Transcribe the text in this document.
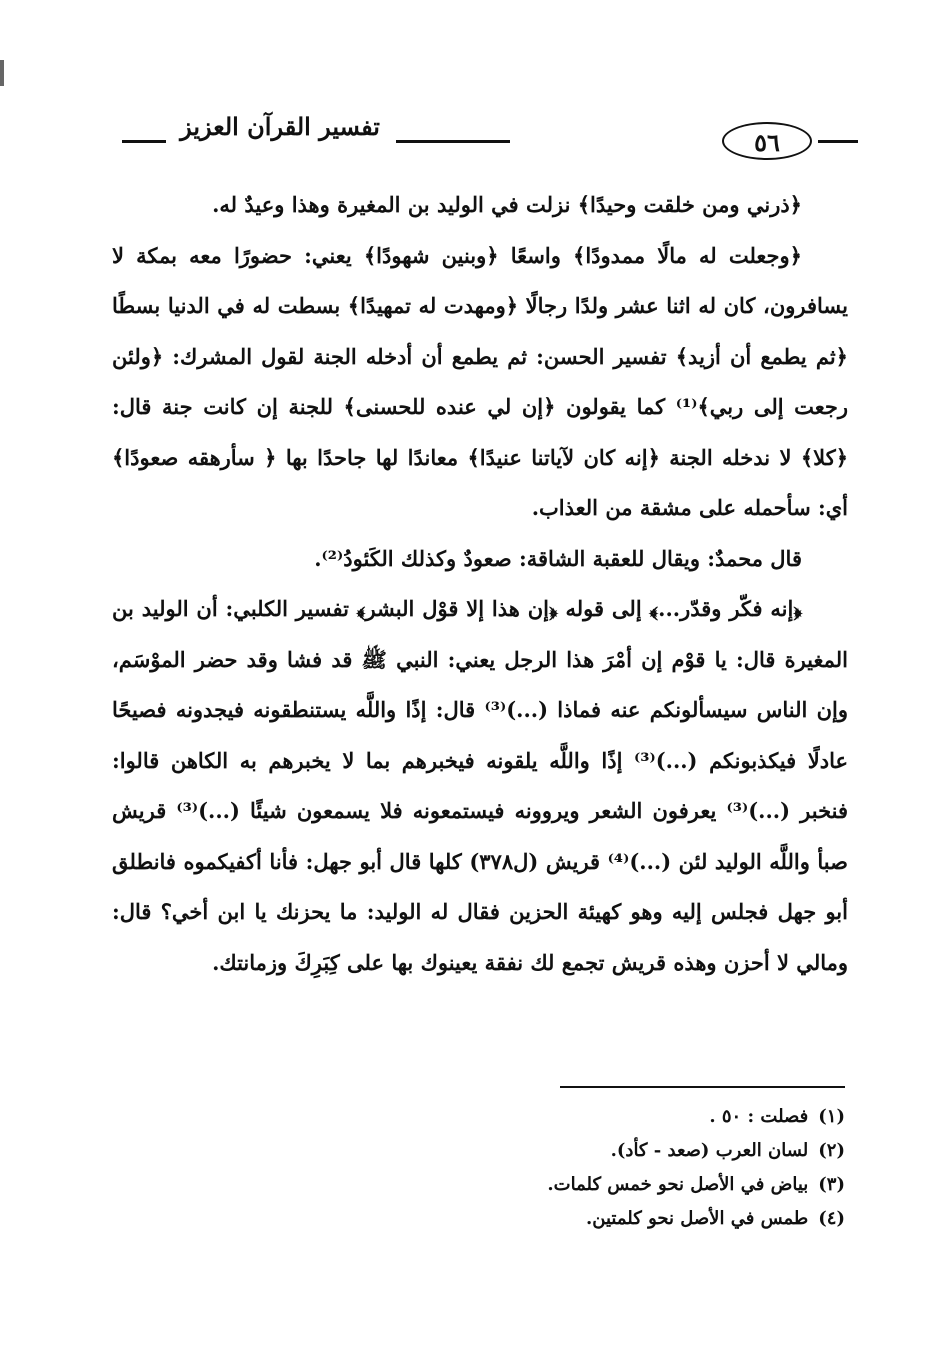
تفسير القرآن العزيز
٥٦

﴿ذرني ومن خلقت وحيدًا﴾ نزلت في الوليد بن المغيرة وهذا وعيدٌ له.

﴿وجعلت له مالًا ممدودًا﴾ واسعًا ﴿وبنين شهودًا﴾ يعني: حضورًا معه بمكة لا يسافرون، كان له اثنا عشر ولدًا رجالًا ﴿ومهدت له تمهيدًا﴾ بسطت له في الدنيا بسطًا ﴿ثم يطمع أن أزيد﴾ تفسير الحسن: ثم يطمع أن أدخله الجنة لقول المشرك: ﴿ولئن رجعت إلى ربي﴾⁽¹⁾ كما يقولون ﴿إن لي عنده للحسنى﴾ للجنة إن كانت جنة قال: ﴿كلا﴾ لا ندخله الجنة ﴿إنه كان لآياتنا عنيدًا﴾ معاندًا لها جاحدًا بها ﴿ سأرهقه صعودًا﴾ أي: سأحمله على مشقة من العذاب.

قال محمدٌ: ويقال للعقبة الشاقة: صعودٌ وكذلك الكَئودُ⁽²⁾.

﴿إنه فكّر وقدّر...﴾ إلى قوله ﴿إن هذا إلا قوْل البشر﴾ تفسير الكلبي: أن الوليد بن المغيرة قال: يا قوْم إن أمْرَ هذا الرجل يعني: النبي ﷺ قد فشا وقد حضر الموْسَم، وإن الناس سيسألونكم عنه فماذا (...)⁽³⁾ قال: إذًا واللَّه يستنطقونه فيجدونه فصيحًا عادلًا فيكذبونكم (...)⁽³⁾ إذًا واللَّه يلقونه فيخبرهم بما لا يخبرهم به الكاهن قالوا: فنخبر (...)⁽³⁾ يعرفون الشعر ويروونه فيستمعونه فلا يسمعون شيئًا (...)⁽³⁾ قريش صبأ واللَّه الوليد لئن (...)⁽⁴⁾ قريش (ل٣٧٨) كلها قال أبو جهل: فأنا أكفيكموه فانطلق أبو جهل فجلس إليه وهو كهيئة الحزين فقال له الوليد: ما يحزنك يا ابن أخي؟ قال: ومالي لا أحزن وهذه قريش تجمع لك نفقة يعينوك بها على كِبَرِكَ وزمانتك.

(١)فصلت : ٥٠ .
(٢)لسان العرب (صعد - كأد).
(٣)بياض في الأصل نحو خمس كلمات.
(٤)طمس في الأصل نحو كلمتين.
